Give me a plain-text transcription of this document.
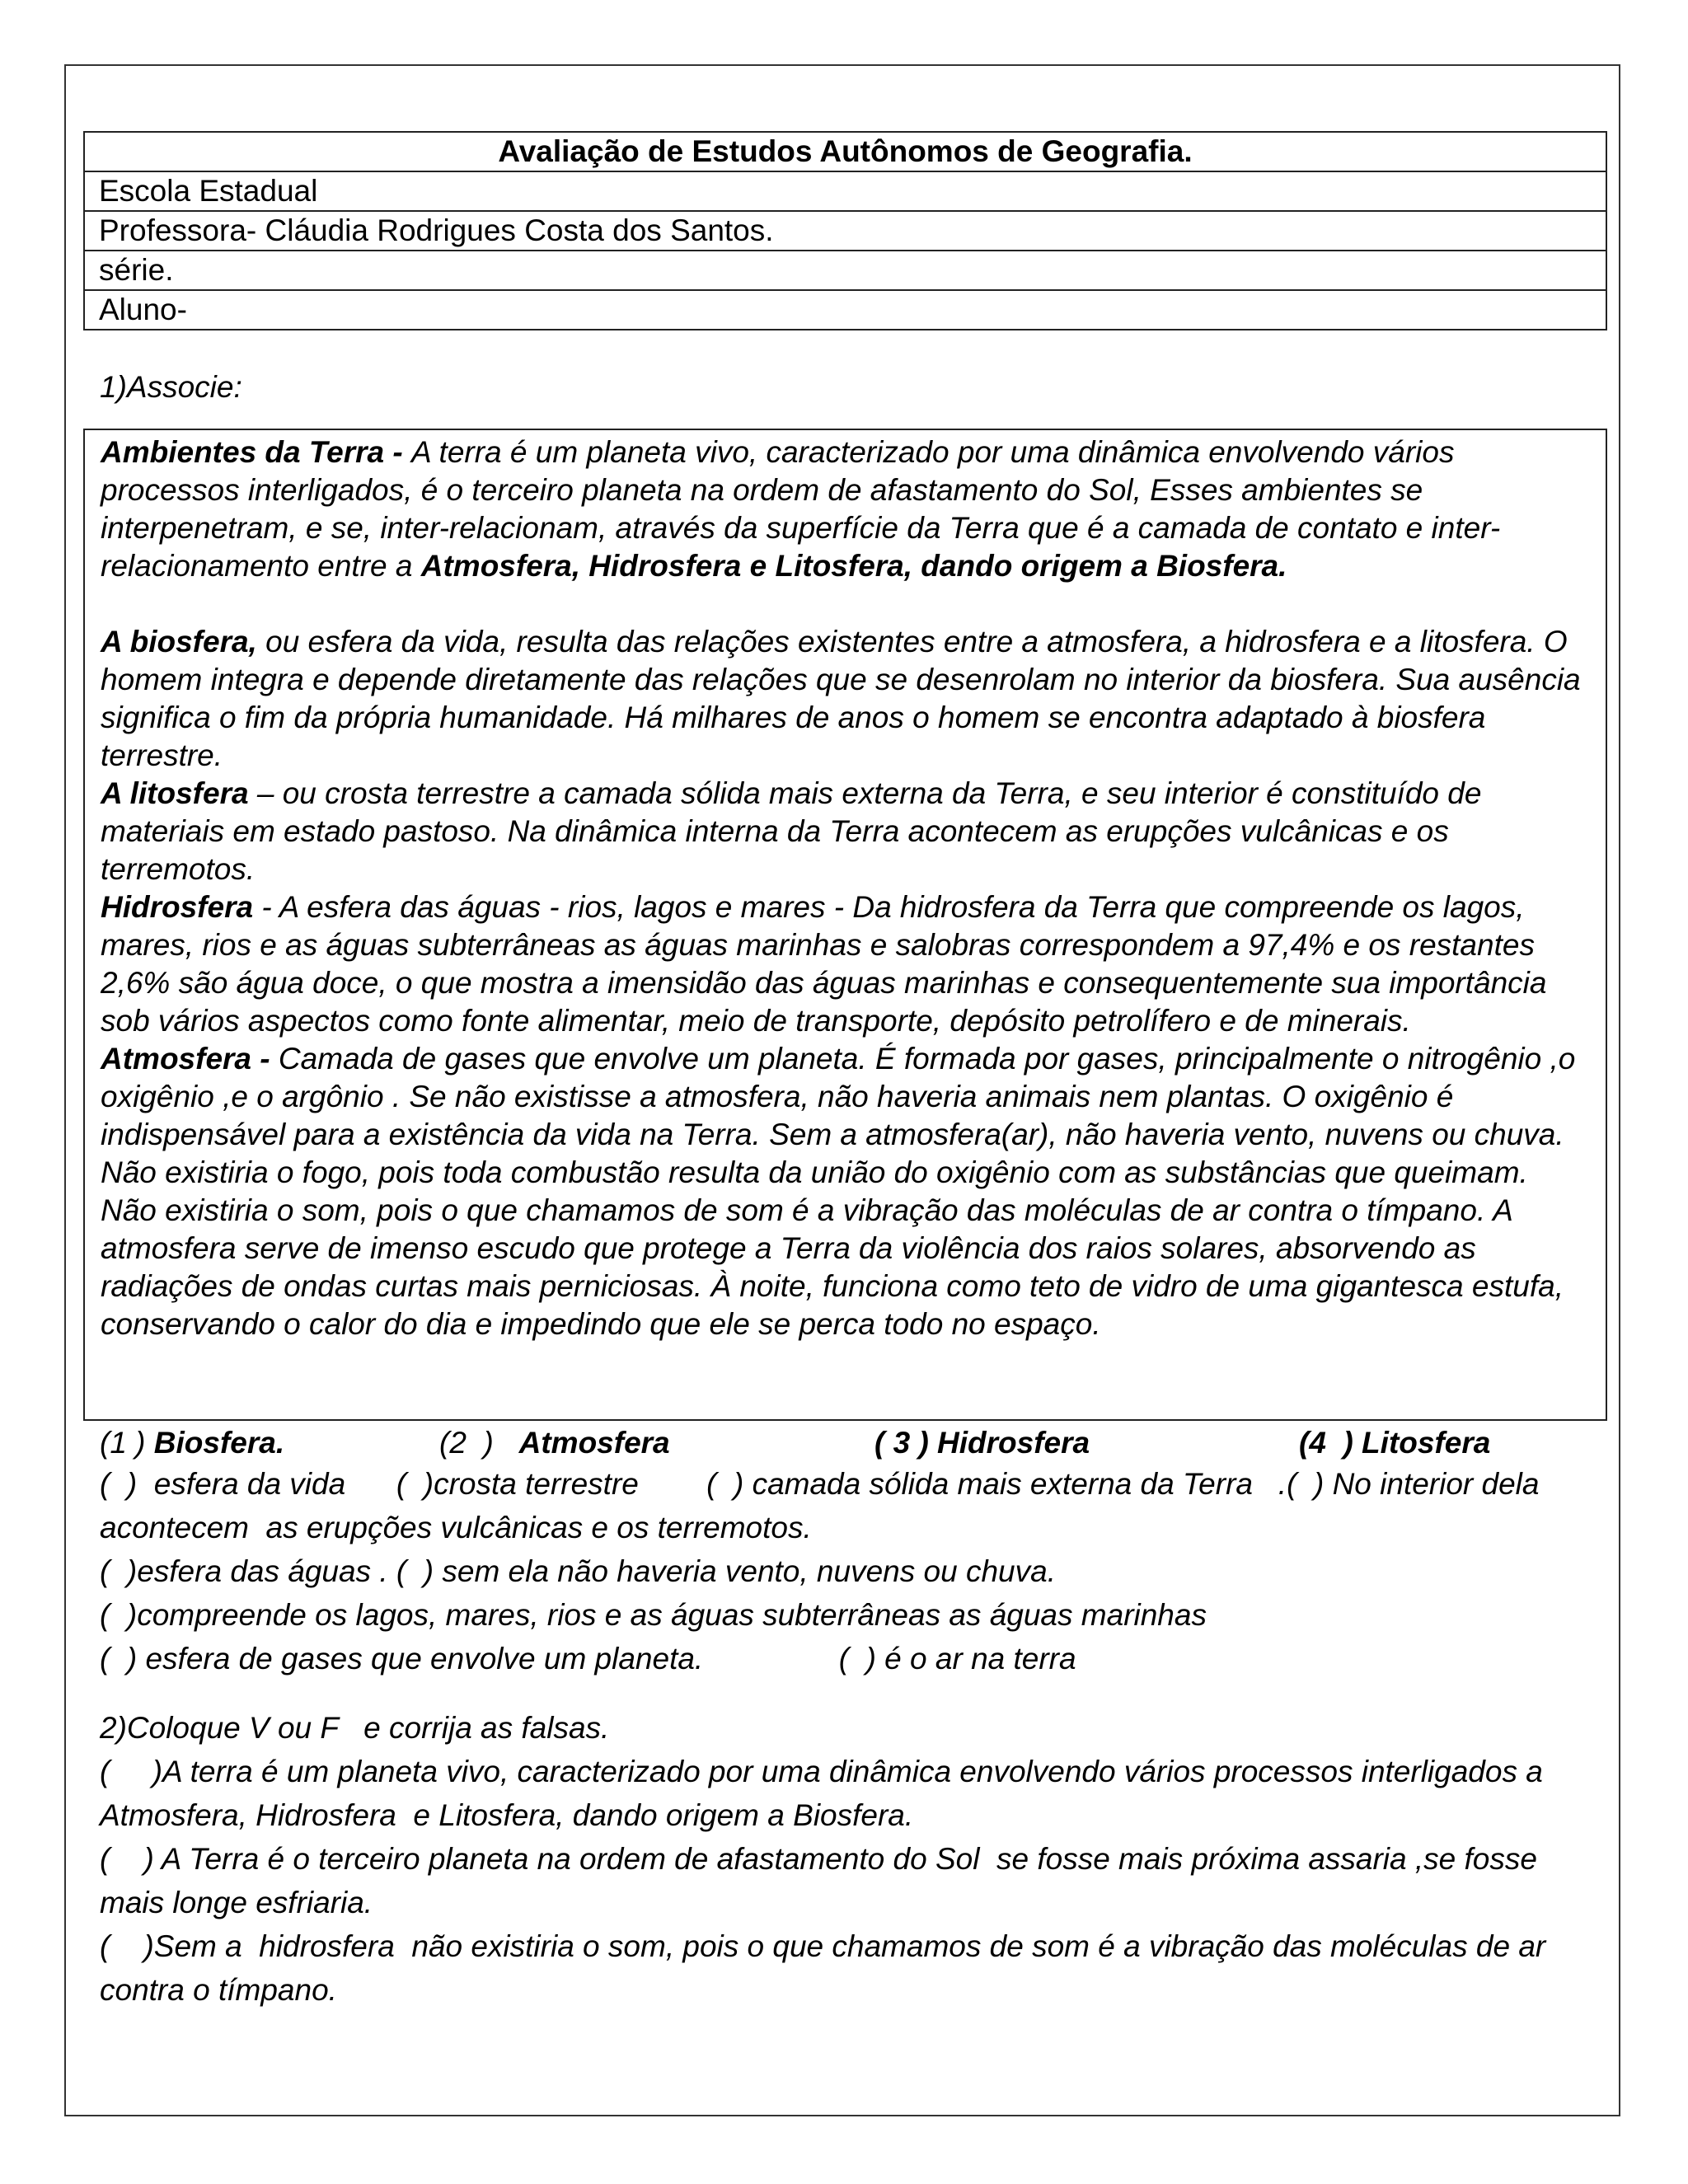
Avaliação de Estudos Autônomos de Geografia.
Escola Estadual
Professora- Cláudia Rodrigues Costa dos Santos.
série.
Aluno-
1)Associe:

Ambientes da Terra - A terra é um planeta vivo, caracterizado por uma dinâmica envolvendo vários processos interligados, é o terceiro planeta na ordem de afastamento do Sol, Esses ambientes se interpenetram, e se, inter-relacionam, através da superfície da Terra que é a camada de contato e inter-relacionamento entre a Atmosfera, Hidrosfera e Litosfera, dando origem a Biosfera.

A biosfera, ou esfera da vida, resulta das relações existentes entre a atmosfera, a hidrosfera e a litosfera. O homem integra e depende diretamente das relações que se desenrolam no interior da biosfera. Sua ausência significa o fim da própria humanidade. Há milhares de anos o homem se encontra adaptado à biosfera terrestre.

A litosfera – ou crosta terrestre a camada sólida mais externa da Terra, e seu interior é constituído de materiais em estado pastoso. Na dinâmica interna da Terra acontecem as erupções vulcânicas e os terremotos.

Hidrosfera - A esfera das águas - rios, lagos e mares - Da hidrosfera da Terra que compreende os lagos, mares, rios e as águas subterrâneas as águas marinhas e salobras correspondem a 97,4% e os restantes 2,6% são água doce, o que mostra a imensidão das águas marinhas e consequentemente sua importância sob vários aspectos como fonte alimentar, meio de transporte, depósito petrolífero e de minerais.

Atmosfera - Camada de gases que envolve um planeta. É formada por gases, principalmente o nitrogênio ,o oxigênio ,e o argônio . Se não existisse a atmosfera, não haveria animais nem plantas. O oxigênio é indispensável para a existência da vida na Terra. Sem a atmosfera(ar), não haveria vento, nuvens ou chuva. Não existiria o fogo, pois toda combustão resulta da união do oxigênio com as substâncias que queimam. Não existiria o som, pois o que chamamos de som é a vibração das moléculas de ar contra o tímpano. A atmosfera serve de imenso escudo que protege a Terra da violência dos raios solares, absorvendo as radiações de ondas curtas mais perniciosas. À noite, funciona como teto de vidro de uma gigantesca estufa, conservando o calor do dia e impedindo que ele se perca todo no espaço.

(1 ) Biosfera.	(2  )   Atmosfera	( 3 ) Hidrosfera	(4  ) Litosfera

(  )  esfera da vida      (  )crosta terrestre        (  ) camada sólida mais externa da Terra   .(  ) No interior dela acontecem  as erupções vulcânicas e os terremotos.

(  )esfera das águas . (  ) sem ela não haveria vento, nuvens ou chuva.

(  )compreende os lagos, mares, rios e as águas subterrâneas as águas marinhas

(  ) esfera de gases que envolve um planeta.                (  ) é o ar na terra

2)Coloque V ou F   e corrija as falsas.

(     )A terra é um planeta vivo, caracterizado por uma dinâmica envolvendo vários processos interligados a Atmosfera, Hidrosfera  e Litosfera, dando origem a Biosfera.

(    ) A Terra é o terceiro planeta na ordem de afastamento do Sol  se fosse mais próxima assaria ,se fosse mais longe esfriaria.

(    )Sem a  hidrosfera  não existiria o som, pois o que chamamos de som é a vibração das moléculas de ar contra o tímpano.
